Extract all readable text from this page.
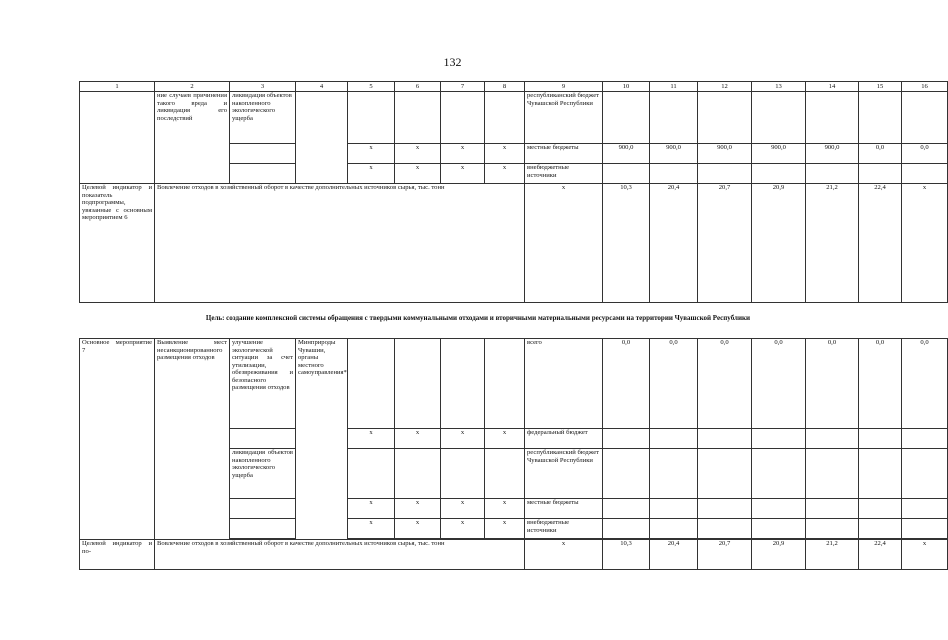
132
1	2	3	4	5	6	7	8	9	10	11	12	13	14	15	16
	ние случаев причинения такого вреда и ликвидация его последствий	ликвидация объектов накопленного экологического ущерба						республиканский бюджет Чувашской Республики							
				x	x	x	x	местные бюджеты	900,0	900,0	900,0	900,0	900,0	0,0	0,0
				x	x	x	x	внебюджетные источники							
Целевой индикатор и показатель подпрограммы, увязанные с основным мероприятием 6	Вовлечение отходов в хозяйственный оборот в качестве дополнительных источников сырья, тыс. тонн							x	10,3	20,4	20,7	20,9	21,2	22,4	x
Цель: создание комплексной системы обращения с твердыми коммунальными отходами и вторичными материальными ресурсами на территории Чувашской Республики
Основное мероприятие 7	Выявление мест несанкционированного размещения отходов	улучшение экологической ситуации за счет утилизации, обезвреживания и безопасного размещения отходов	Минприроды Чувашии, органы местного самоуправления*					всего	0,0	0,0	0,0	0,0	0,0	0,0	0,0
				x	x	x	x	федеральный бюджет							
		ликвидация объектов накопленного экологического ущерба						республиканский бюджет Чувашской Республики							
				x	x	x	x	местные бюджеты							
				x	x	x	x	внебюджетные источники							

Целевой индикатор и по-	Вовлечение отходов в хозяйственный оборот в качестве дополнительных источников сырья, тыс. тонн							x	10,3	20,4	20,7	20,9	21,2	22,4	x
